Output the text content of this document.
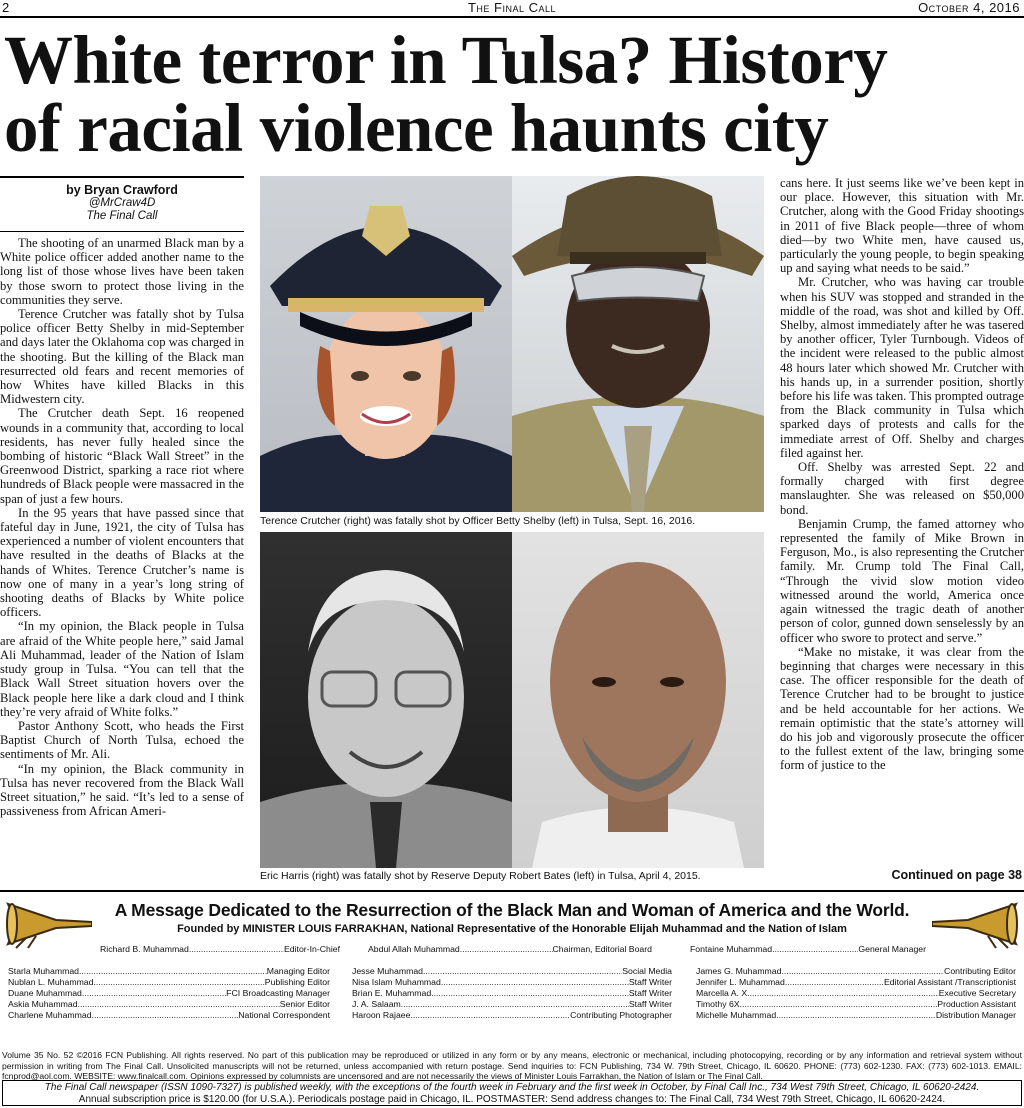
2	The Final Call	October 4, 2016
White terror in Tulsa? History
of racial violence haunts city
by Bryan Crawford
@MrCraw4D
The Final Call

The shooting of an unarmed Black man by a White police officer added another name to the long list of those whose lives have been taken by those sworn to protect those living in the communities they serve.

Terence Crutcher was fatally shot by Tulsa police officer Betty Shelby in mid-September and days later the Oklahoma cop was charged in the shooting. But the killing of the Black man resurrected old fears and recent memories of how Whites have killed Blacks in this Midwestern city.

The Crutcher death Sept. 16 reopened wounds in a community that, according to local residents, has never fully healed since the bombing of historic “Black Wall Street” in the Greenwood District, sparking a race riot where hundreds of Black people were massacred in the span of just a few hours.

In the 95 years that have passed since that fateful day in June, 1921, the city of Tulsa has experienced a number of violent encounters that have resulted in the deaths of Blacks at the hands of Whites. Terence Crutcher’s name is now one of many in a year’s long string of shooting deaths of Blacks by White police officers.

“In my opinion, the Black people in Tulsa are afraid of the White people here,” said Jamal Ali Muhammad, leader of the Nation of Islam study group in Tulsa. “You can tell that the Black Wall Street situation hovers over the Black people here like a dark cloud and I think they’re very afraid of White folks.”

Pastor Anthony Scott, who heads the First Baptist Church of North Tulsa, echoed the sentiments of Mr. Ali.

“In my opinion, the Black community in Tulsa has never recovered from the Black Wall Street situation,” he said. “It’s led to a sense of passiveness from African Ameri-

Terence Crutcher (right) was fatally shot by Officer Betty Shelby (left) in Tulsa, Sept. 16, 2016.
Eric Harris (right) was fatally shot by Reserve Deputy Robert Bates (left) in Tulsa, April 4, 2015.

cans here. It just seems like we’ve been kept in our place. However, this situation with Mr. Crutcher, along with the Good Friday shootings in 2011 of five Black people—three of whom died—by two White men, have caused us, particularly the young people, to begin speaking up and saying what needs to be said.”

Mr. Crutcher, who was having car trouble when his SUV was stopped and stranded in the middle of the road, was shot and killed by Off. Shelby, almost immediately after he was tasered by another officer, Tyler Turnbough. Videos of the incident were released to the public almost 48 hours later which showed Mr. Crutcher with his hands up, in a surrender position, shortly before his life was taken. This prompted outrage from the Black community in Tulsa which sparked days of protests and calls for the immediate arrest of Off. Shelby and charges filed against her.

Off. Shelby was arrested Sept. 22 and formally charged with first degree manslaughter. She was released on $50,000 bond.

Benjamin Crump, the famed attorney who represented the family of Mike Brown in Ferguson, Mo., is also representing the Crutcher family. Mr. Crump told The Final Call, “Through the vivid slow motion video witnessed around the world, America once again witnessed the tragic death of another person of color, gunned down senselessly by an officer who swore to protect and serve.”

“Make no mistake, it was clear from the beginning that charges were necessary in this case. The officer responsible for the death of Terence Crutcher had to be brought to justice and be held accountable for her actions. We remain optimistic that the state’s attorney will do his job and vigorously prosecute the officer to the fullest extent of the law, bringing some form of justice to the

Continued on page 38
A Message Dedicated to the Resurrection of the Black Man and Woman of America and the World.
Founded by MINISTER LOUIS FARRAKHAN, National Representative of the Honorable Elijah Muhammad and the Nation of Islam
Richard B. Muhammad .....	Editor-In-Chief	Abdul Allah Muhammad .....	Chairman, Editorial Board	Fontaine Muhammad .....	General Manager
Starla Muhammad .....	Managing Editor
Nublan L. Muhammad .....	Publishing Editor
Duane Muhammad .....	FCI Broadcasting Manager
Askia Muhammad .....	Senior Editor
Charlene Muhammad .....	National Correspondent
Jesse Muhammad .....	Social Media
Nisa Islam Muhammad .....	Staff Writer
Brian E. Muhammad .....	Staff Writer
J. A. Salaam .....	Staff Writer
Haroon Rajaee .....	Contributing Photographer
James G. Muhammad .....	Contributing Editor
Jennifer L. Muhammad .....	Editorial Assistant /Transcriptionist
Marcella A. X. .....	Executive Secretary
Timothy 6X .....	Production Assistant
Michelle Muhammad .....	Distribution Manager
Volume 35 No. 52 ©2016 FCN Publishing. All rights reserved. No part of this publication may be reproduced or utilized in any form or by any means, electronic or mechanical, including photocopying, recording or by any information and retrieval system without permission in writing from The Final Call. Unsolicited manuscripts will not be returned, unless accompanied with return postage. Send inquiries to: FCN Publishing, 734 W. 79th Street, Chicago, IL 60620. PHONE: (773) 602-1230. FAX: (773) 602-1013. EMAIL: fcnprod@aol.com. WEBSITE: www.finalcall.com. Opinions expressed by columnists are uncensored and are not necessarily the views of Minister Louis Farrakhan, the Nation of Islam or The Final Call.
The Final Call newspaper (ISSN 1090-7327) is published weekly, with the exceptions of the fourth week in February and the first week in October, by Final Call Inc., 734 West 79th Street, Chicago, IL 60620-2424.
Annual subscription price is $120.00 (for U.S.A.). Periodicals postage paid in Chicago, IL. POSTMASTER: Send address changes to: The Final Call, 734 West 79th Street, Chicago, IL 60620-2424.
